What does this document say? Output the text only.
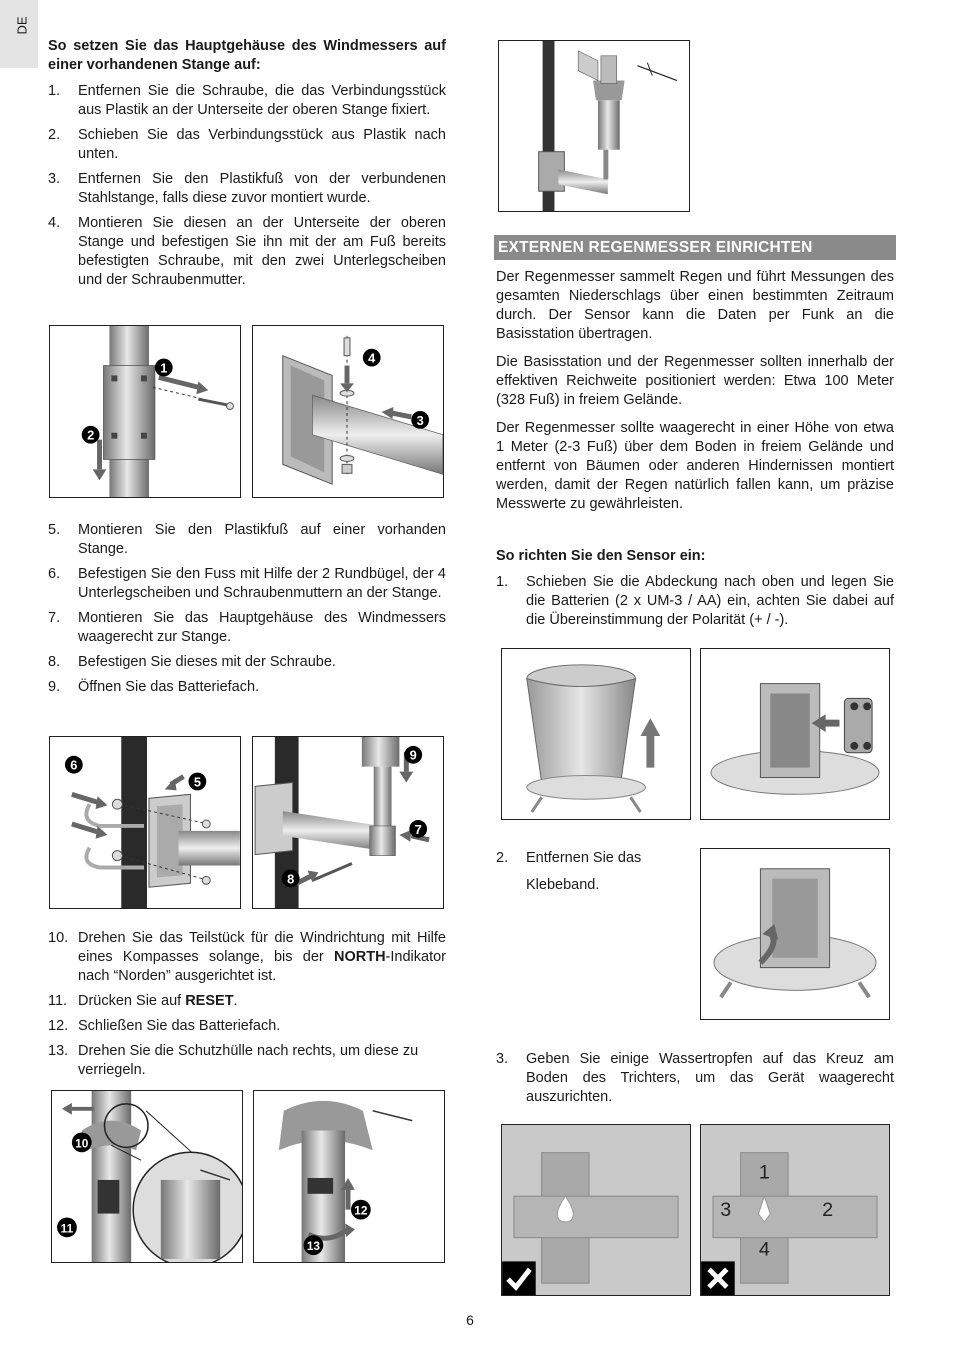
DE

So setzen Sie das Hauptgehäuse des Windmessers auf einer vorhandenen Stange auf:

1. Entfernen Sie die Schraube, die das Verbindungsstück aus Plastik an der Unterseite der oberen Stange fixiert.
2. Schieben Sie das Verbindungsstück aus Plastik nach unten.
3. Entfernen Sie den Plastikfuß von der verbundenen Stahlstange, falls diese zuvor montiert wurde.
4. Montieren Sie diesen an der Unterseite der oberen Stange und befestigen Sie ihn mit der am Fuß bereits befestigten Schraube, mit den zwei Unterlegscheiben und der Schraubenmutter.
1
2
4
3
5. Montieren Sie den Plastikfuß auf einer vorhanden Stange.
6. Befestigen Sie den Fuss mit Hilfe der 2 Rundbügel, der 4 Unterlegscheiben und Schraubenmuttern an der Stange.
7. Montieren Sie das Hauptgehäuse des Windmessers waagerecht zur Stange.
8. Befestigen Sie dieses mit der Schraube.
9. Öffnen Sie das Batteriefach.
6
5
9
7
8
10. Drehen Sie das Teilstück für die Windrichtung mit Hilfe eines Kompasses solange, bis der NORTH-Indikator nach “Norden” ausgerichtet ist.
11. Drücken Sie auf RESET.
12. Schließen Sie das Batteriefach.
13. Drehen Sie die Schutzhülle nach rechts, um diese zu verriegeln.
10
11
12
13
EXTERNEN REGENMESSER EINRICHTEN

Der Regenmesser sammelt Regen und führt Messungen des gesamten Niederschlags über einen bestimmten Zeitraum durch. Der Sensor kann die Daten per Funk an die Basisstation übertragen.

Die Basisstation und der Regenmesser sollten innerhalb der effektiven Reichweite positioniert werden: Etwa 100 Meter (328 Fuß) in freiem Gelände.

Der Regenmesser sollte waagerecht in einer Höhe von etwa 1 Meter (2-3 Fuß) über dem Boden in freiem Gelände und entfernt von Bäumen oder anderen Hindernissen montiert werden, damit der Regen natürlich fallen kann, um präzise Messwerte zu gewährleisten.

So richten Sie den Sensor ein:

1. Schieben Sie die Abdeckung nach oben und legen Sie die Batterien (2 x UM-3 / AA) ein, achten Sie dabei auf die Übereinstimmung der Polarität (+ / -).
2. Entfernen Sie das
Klebeband.
3. Geben Sie einige Wassertropfen auf das Kreuz am Boden des Trichters, um das Gerät waagerecht auszurichten.
1
2
3
4
6
